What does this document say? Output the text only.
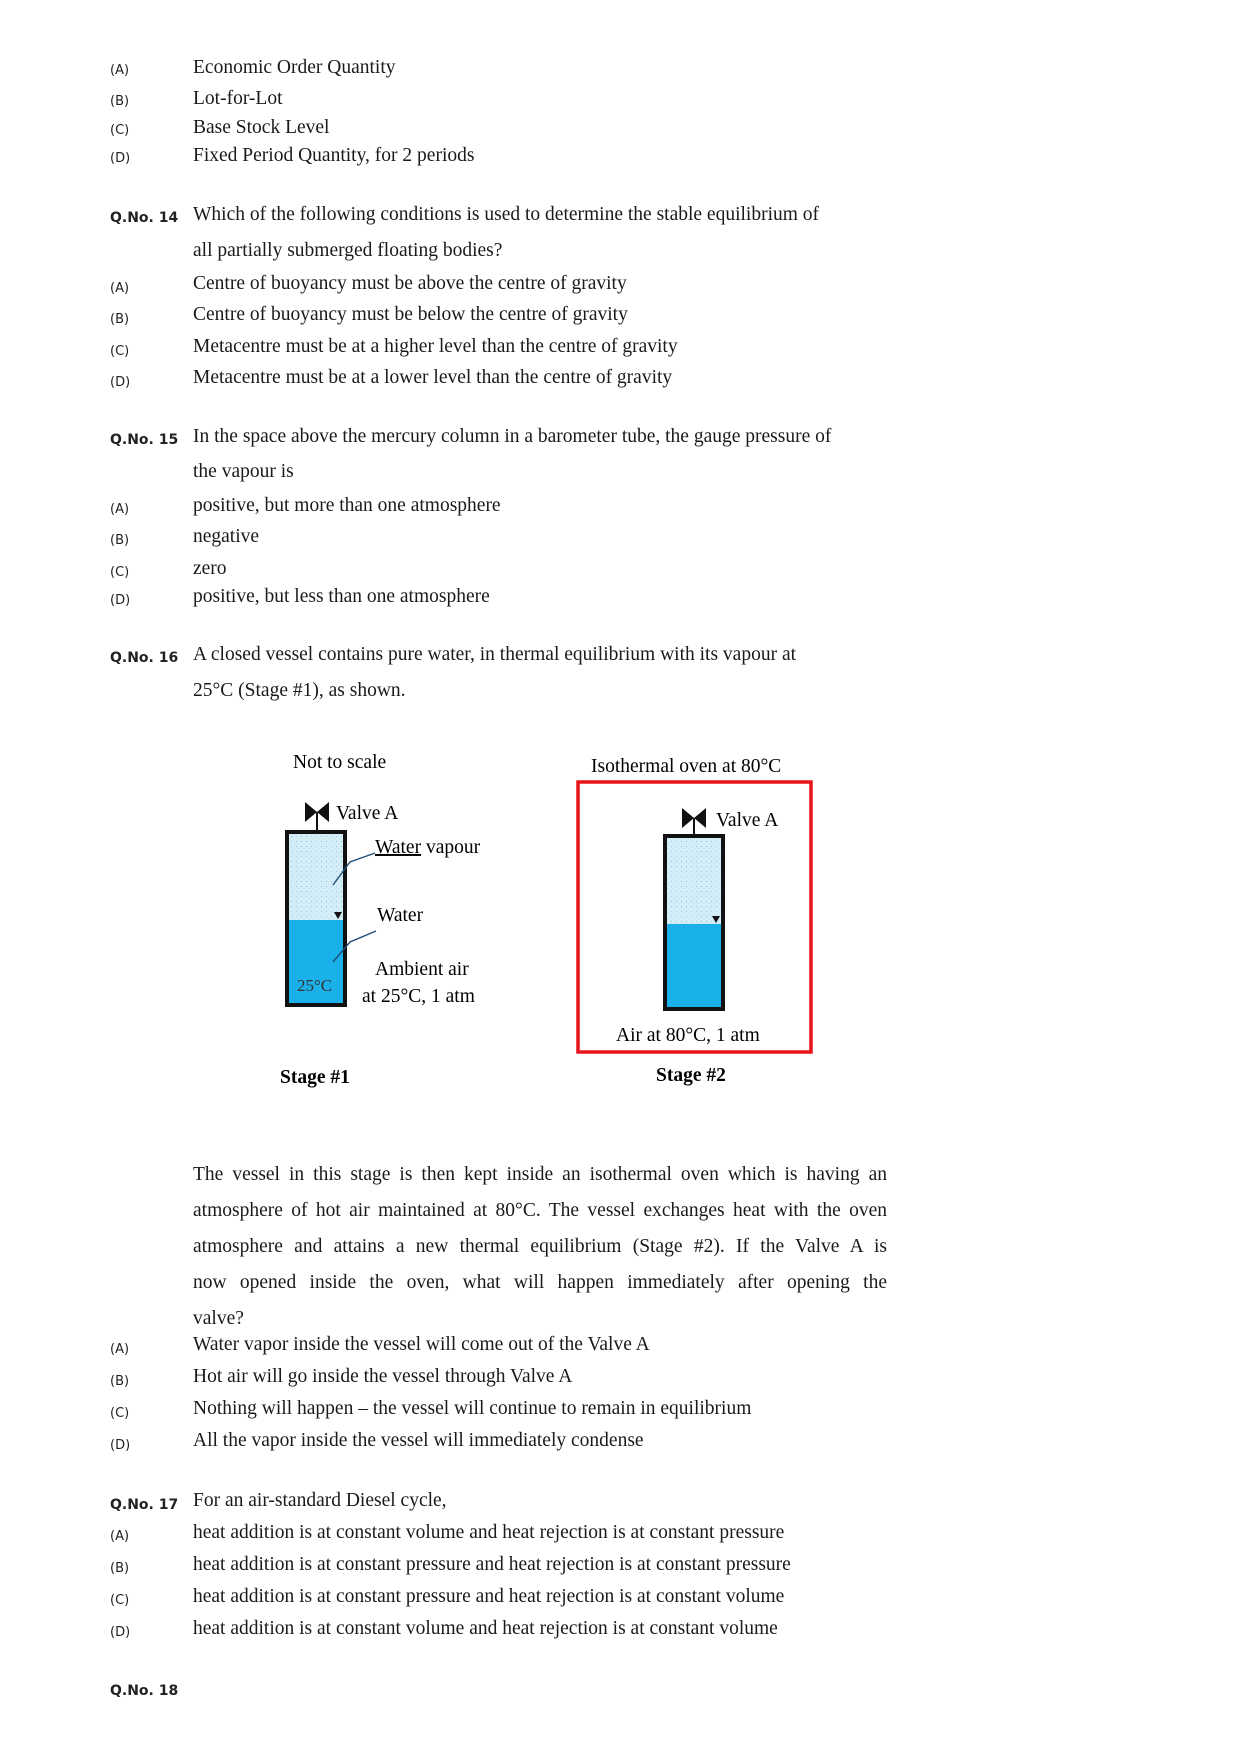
(A)	Economic Order Quantity
(B)	Lot-for-Lot
(C)	Base Stock Level
(D)	Fixed Period Quantity, for 2 periods
Q.No. 14 Which of the following conditions is used to determine the stable equilibrium of
all partially submerged floating bodies?
(A)	Centre of buoyancy must be above the centre of gravity
(B)	Centre of buoyancy must be below the centre of gravity
(C)	Metacentre must be at a higher level than the centre of gravity
(D)	Metacentre must be at a lower level than the centre of gravity
Q.No. 15 In the space above the mercury column in a barometer tube, the gauge pressure of
the vapour is
(A)	positive, but more than one atmosphere
(B)	negative
(C)	zero
(D)	positive, but less than one atmosphere
Q.No. 16 A closed vessel contains pure water, in thermal equilibrium with its vapour at
25°C (Stage #1), as shown.
Not to scale
Valve A
25°C
Water vapour
Water
Ambient air
at 25°C, 1 atm
Stage #1
Isothermal oven at 80°C
Valve A
Air at 80°C, 1 atm
Stage #2
The vessel in this stage is then kept inside an isothermal oven which is having an
atmosphere of hot air maintained at 80°C. The vessel exchanges heat with the oven
atmosphere and attains a new thermal equilibrium (Stage #2). If the Valve A is
now opened inside the oven, what will happen immediately after opening the
valve?
(A)	Water vapor inside the vessel will come out of the Valve A
(B)	Hot air will go inside the vessel through Valve A
(C)	Nothing will happen – the vessel will continue to remain in equilibrium
(D)	All the vapor inside the vessel will immediately condense
Q.No. 17 For an air-standard Diesel cycle,
(A)	heat addition is at constant volume and heat rejection is at constant pressure
(B)	heat addition is at constant pressure and heat rejection is at constant pressure
(C)	heat addition is at constant pressure and heat rejection is at constant volume
(D)	heat addition is at constant volume and heat rejection is at constant volume
Q.No. 18
